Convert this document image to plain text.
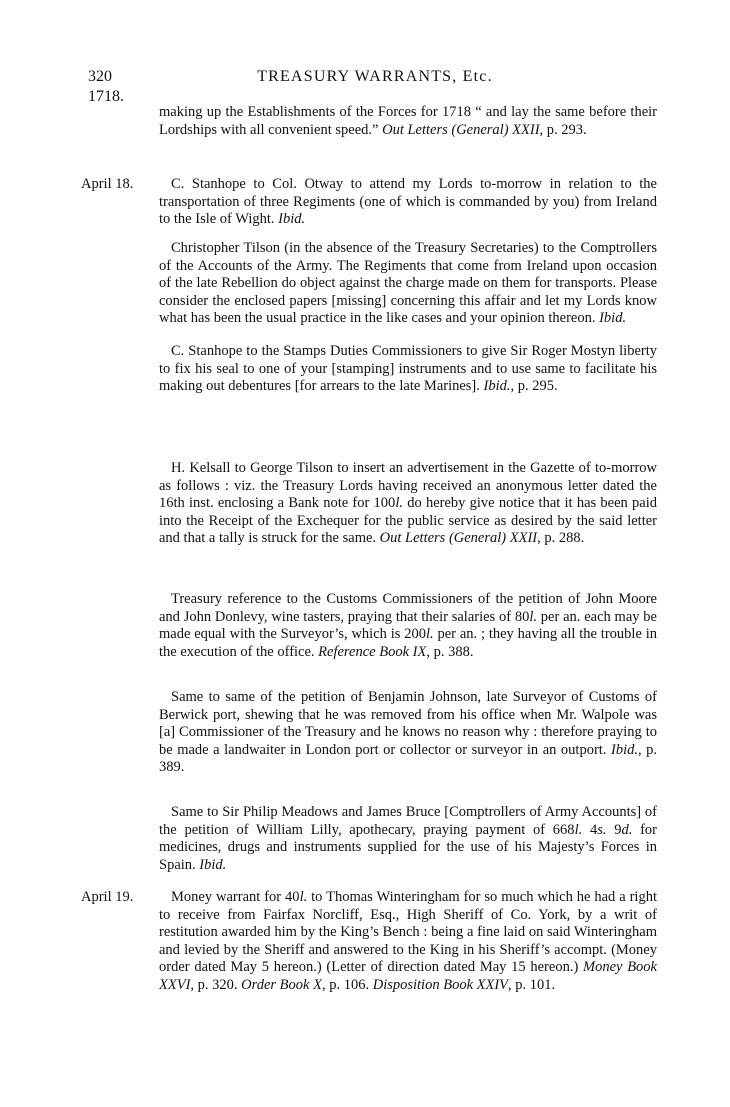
320	TREASURY WARRANTS, Etc.
1718.
making up the Establishments of the Forces for 1718 “ and lay the same before their Lordships with all convenient speed.” Out Letters (General) XXII, p. 293.
April 18.	C. Stanhope to Col. Otway to attend my Lords to-morrow in relation to the transportation of three Regiments (one of which is commanded by you) from Ireland to the Isle of Wight. Ibid.
Christopher Tilson (in the absence of the Treasury Secretaries) to the Comptrollers of the Accounts of the Army. The Regiments that come from Ireland upon occasion of the late Rebellion do object against the charge made on them for transports. Please consider the enclosed papers [missing] concerning this affair and let my Lords know what has been the usual practice in the like cases and your opinion thereon. Ibid.
C. Stanhope to the Stamps Duties Commissioners to give Sir Roger Mostyn liberty to fix his seal to one of your [stamping] instruments and to use same to facilitate his making out debentures [for arrears to the late Marines]. Ibid., p. 295.
H. Kelsall to George Tilson to insert an advertisement in the Gazette of to-morrow as follows : viz. the Treasury Lords having received an anonymous letter dated the 16th inst. enclosing a Bank note for 100l. do hereby give notice that it has been paid into the Receipt of the Exchequer for the public service as desired by the said letter and that a tally is struck for the same. Out Letters (General) XXII, p. 288.
Treasury reference to the Customs Commissioners of the petition of John Moore and John Donlevy, wine tasters, praying that their salaries of 80l. per an. each may be made equal with the Surveyor’s, which is 200l. per an. ; they having all the trouble in the execution of the office. Reference Book IX, p. 388.
Same to same of the petition of Benjamin Johnson, late Surveyor of Customs of Berwick port, shewing that he was removed from his office when Mr. Walpole was [a] Commissioner of the Treasury and he knows no reason why : therefore praying to be made a landwaiter in London port or collector or surveyor in an outport. Ibid., p. 389.
Same to Sir Philip Meadows and James Bruce [Comptrollers of Army Accounts] of the petition of William Lilly, apothecary, praying payment of 668l. 4s. 9d. for medicines, drugs and instruments supplied for the use of his Majesty’s Forces in Spain. Ibid.
April 19.	Money warrant for 40l. to Thomas Winteringham for so much which he had a right to receive from Fairfax Norcliff, Esq., High Sheriff of Co. York, by a writ of restitution awarded him by the King’s Bench : being a fine laid on said Winteringham and levied by the Sheriff and answered to the King in his Sheriff’s accompt. (Money order dated May 5 hereon.) (Letter of direction dated May 15 hereon.) Money Book XXVI, p. 320. Order Book X, p. 106. Disposition Book XXIV, p. 101.
